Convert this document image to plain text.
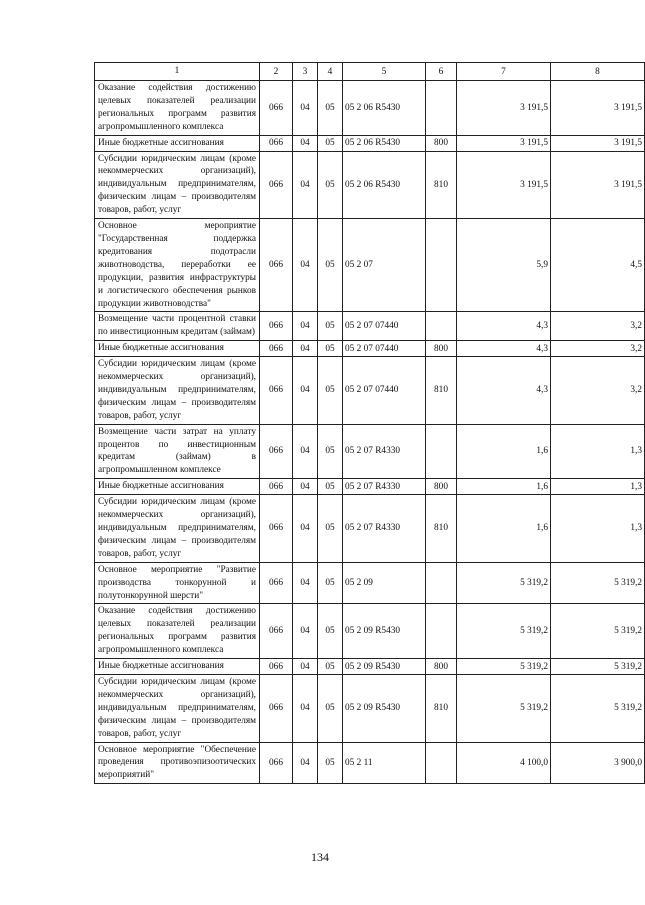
1	2	3	4	5	6	7	8
Оказание содействия достижению целевых показателей реализации региональных программ развития агропромышленного комплекса	066	04	05	05 2 06 R5430		3 191,5	3 191,5
Иные бюджетные ассигнования	066	04	05	05 2 06 R5430	800	3 191,5	3 191,5
Субсидии юридическим лицам (кроме некоммерческих организаций), индивидуальным предпринимателям, физическим лицам – производителям товаров, работ, услуг	066	04	05	05 2 06 R5430	810	3 191,5	3 191,5
Основное мероприятие "Государственная поддержка кредитования подотрасли животноводства, переработки ее продукции, развития инфраструктуры и логистического обеспечения рынков продукции животноводства"	066	04	05	05 2 07		5,9	4,5
Возмещение части процентной ставки по инвестиционным кредитам (займам)	066	04	05	05 2 07 07440		4,3	3,2
Иные бюджетные ассигнования	066	04	05	05 2 07 07440	800	4,3	3,2
Субсидии юридическим лицам (кроме некоммерческих организаций), индивидуальным предпринимателям, физическим лицам – производителям товаров, работ, услуг	066	04	05	05 2 07 07440	810	4,3	3,2
Возмещение части затрат на уплату процентов по инвестиционным кредитам (займам) в агропромышленном комплексе	066	04	05	05 2 07 R4330		1,6	1,3
Иные бюджетные ассигнования	066	04	05	05 2 07 R4330	800	1,6	1,3
Субсидии юридическим лицам (кроме некоммерческих организаций), индивидуальным предпринимателям, физическим лицам – производителям товаров, работ, услуг	066	04	05	05 2 07 R4330	810	1,6	1,3
Основное мероприятие "Развитие производства тонкорунной и полутонкорунной шерсти"	066	04	05	05 2 09		5 319,2	5 319,2
Оказание содействия достижению целевых показателей реализации региональных программ развития агропромышленного комплекса	066	04	05	05 2 09 R5430		5 319,2	5 319,2
Иные бюджетные ассигнования	066	04	05	05 2 09 R5430	800	5 319,2	5 319,2
Субсидии юридическим лицам (кроме некоммерческих организаций), индивидуальным предпринимателям, физическим лицам – производителям товаров, работ, услуг	066	04	05	05 2 09 R5430	810	5 319,2	5 319,2
Основное мероприятие "Обеспечение проведения противоэпизоотических мероприятий"	066	04	05	05 2 11		4 100,0	3 900,0
134
